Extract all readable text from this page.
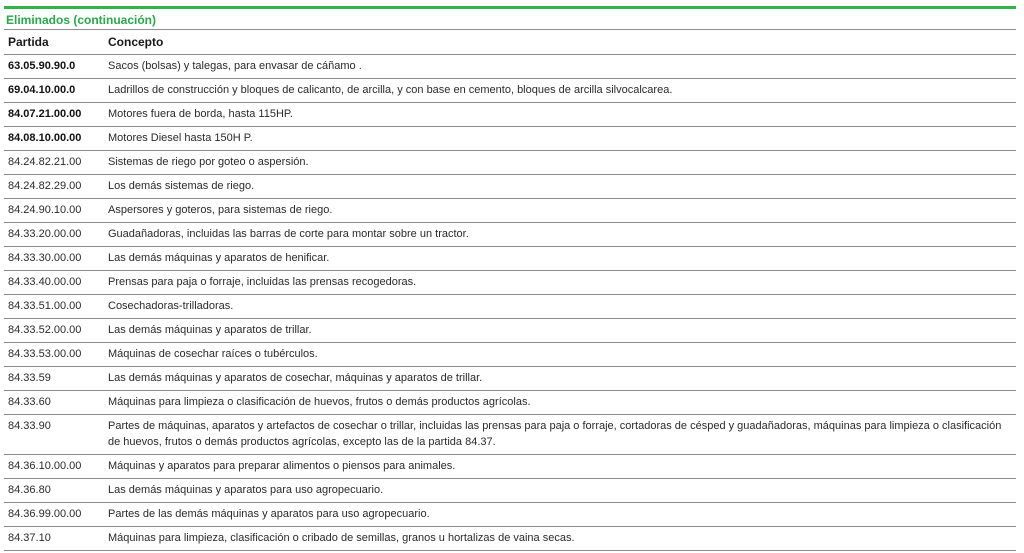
Eliminados (continuación)
Partida	Concepto
63.05.90.90.0	Sacos (bolsas) y talegas, para envasar de cáñamo .
69.04.10.00.0	Ladrillos de construcción y bloques de calicanto, de arcilla, y con base en cemento, bloques de arcilla silvocalcarea.
84.07.21.00.00	Motores fuera de borda, hasta 115HP.
84.08.10.00.00	Motores Diesel hasta 150H P.
84.24.82.21.00	Sistemas de riego por goteo o aspersión.
84.24.82.29.00	Los demás sistemas de riego.
84.24.90.10.00	Aspersores y goteros, para sistemas de riego.
84.33.20.00.00	Guadañadoras, incluidas las barras de corte para montar sobre un tractor.
84.33.30.00.00	Las demás máquinas y aparatos de henificar.
84.33.40.00.00	Prensas para paja o forraje, incluidas las prensas recogedoras.
84.33.51.00.00	Cosechadoras-trilladoras.
84.33.52.00.00	Las demás máquinas y aparatos de trillar.
84.33.53.00.00	Máquinas de cosechar raíces o tubérculos.
84.33.59	Las demás máquinas y aparatos de cosechar, máquinas y aparatos de trillar.
84.33.60	Máquinas para limpieza o clasificación de huevos, frutos o demás productos agrícolas.
84.33.90	Partes de máquinas, aparatos y artefactos de cosechar o trillar, incluidas las prensas para paja o forraje, cortadoras de césped y guadañadoras, máquinas para limpieza o clasificación de huevos, frutos o demás productos agrícolas, excepto las de la partida 84.37.
84.36.10.00.00	Máquinas y aparatos para preparar alimentos o piensos para animales.
84.36.80	Las demás máquinas y aparatos para uso agropecuario.
84.36.99.00.00	Partes de las demás máquinas y aparatos para uso agropecuario.
84.37.10	Máquinas para limpieza, clasificación o cribado de semillas, granos u hortalizas de vaina secas.
